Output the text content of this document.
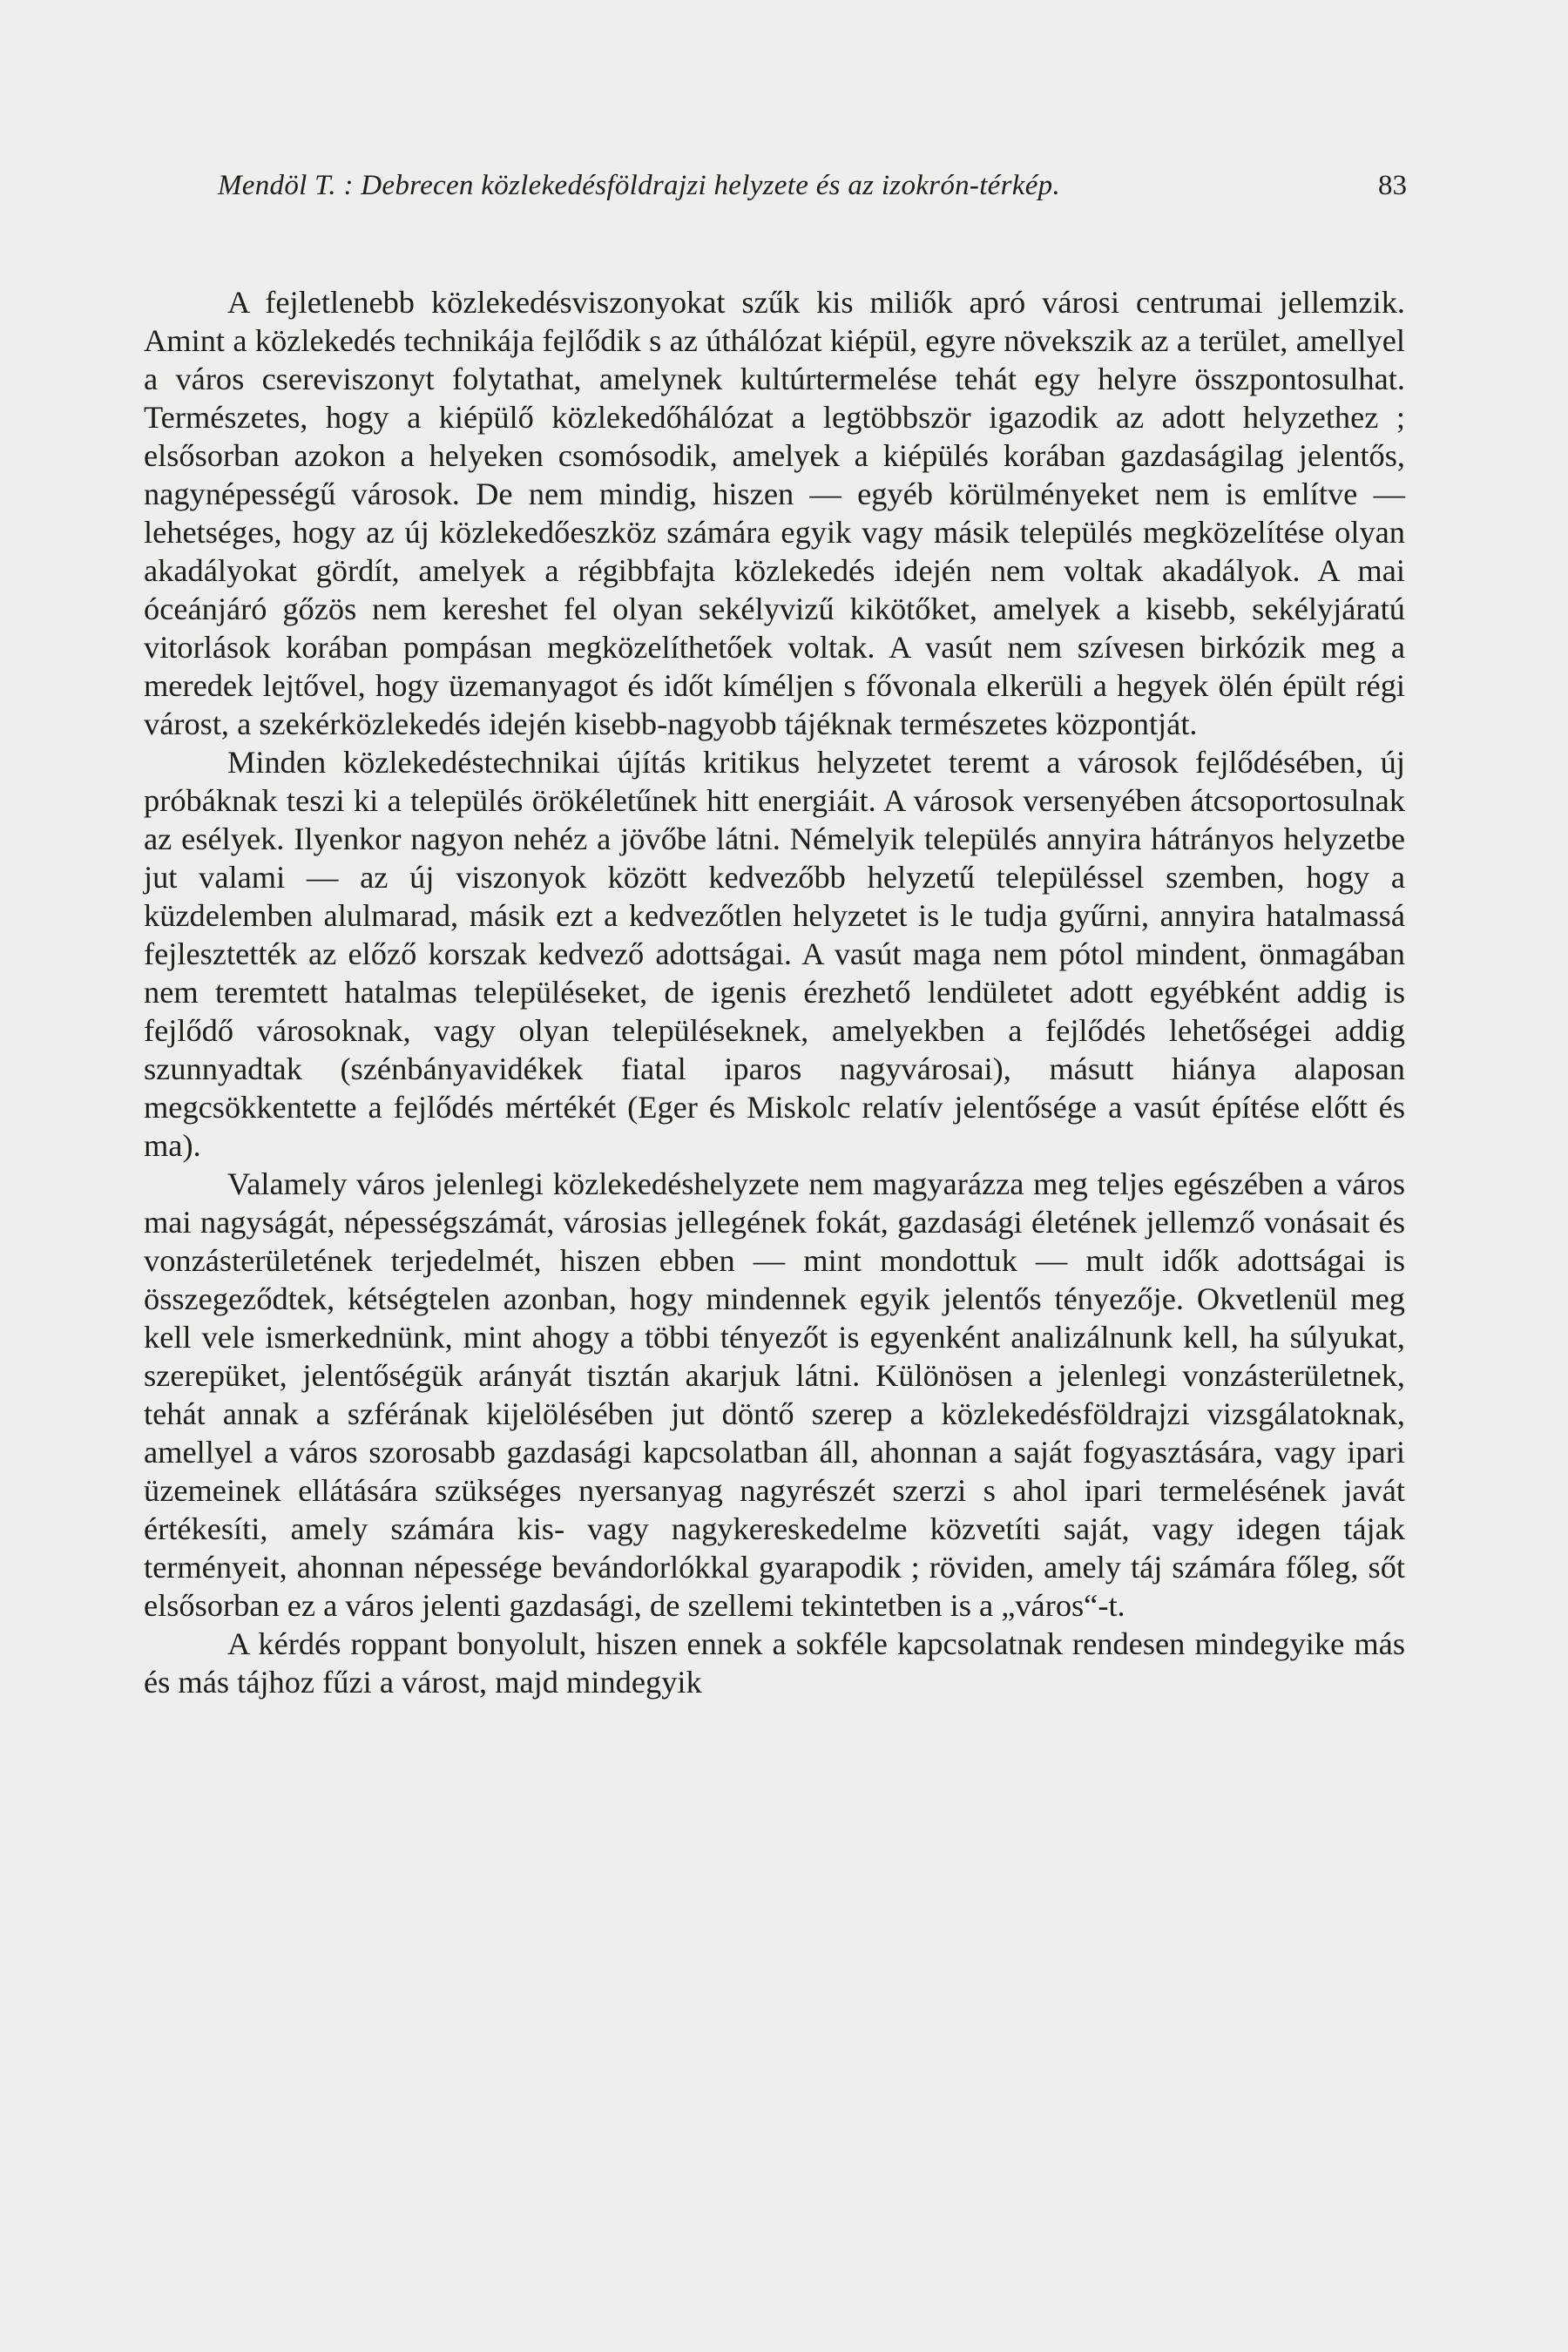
Mendöl T. : Debrecen közlekedésföldrajzi helyzete és az izokrón-térkép.	83

A fejletlenebb közlekedésviszonyokat szűk kis miliők apró városi centrumai jellemzik. Amint a közlekedés technikája fejlődik s az úthálózat kiépül, egyre növekszik az a terület, amellyel a város csereviszonyt folytathat, amelynek kultúrtermelése tehát egy helyre összpontosulhat. Természetes, hogy a kiépülő közlekedőhálózat a legtöbbször igazodik az adott helyzethez ; elsősorban azokon a helyeken csomósodik, amelyek a kiépülés korában gazdaságilag jelentős, nagynépességű városok. De nem mindig, hiszen — egyéb körülményeket nem is említve — lehetséges, hogy az új közlekedőeszköz számára egyik vagy másik település megközelítése olyan akadályokat gördít, amelyek a régibbfajta közlekedés idején nem voltak akadályok. A mai óceánjáró gőzös nem kereshet fel olyan sekélyvizű kikötőket, amelyek a kisebb, sekélyjáratú vitorlások korában pompásan megközelíthetőek voltak. A vasút nem szívesen birkózik meg a meredek lejtővel, hogy üzemanyagot és időt kíméljen s fővonala elkerüli a hegyek ölén épült régi várost, a szekérközlekedés idején kisebb-nagyobb tájéknak természetes központját.

Minden közlekedéstechnikai újítás kritikus helyzetet teremt a városok fejlődésében, új próbáknak teszi ki a település örökéletűnek hitt energiáit. A városok versenyében átcsoportosulnak az esélyek. Ilyenkor nagyon nehéz a jövőbe látni. Némelyik település annyira hátrányos helyzetbe jut valami — az új viszonyok között kedvezőbb helyzetű településsel szemben, hogy a küzdelemben alulmarad, másik ezt a kedvezőtlen helyzetet is le tudja gyűrni, annyira hatalmassá fejlesztették az előző korszak kedvező adottságai. A vasút maga nem pótol mindent, önmagában nem teremtett hatalmas településeket, de igenis érezhető lendületet adott egyébként addig is fejlődő városoknak, vagy olyan településeknek, amelyekben a fejlődés lehetőségei addig szunnyadtak (szénbányavidékek fiatal iparos nagyvárosai), másutt hiánya alaposan megcsökkentette a fejlődés mértékét (Eger és Miskolc relatív jelentősége a vasút építése előtt és ma).

Valamely város jelenlegi közlekedéshelyzete nem magyarázza meg teljes egészében a város mai nagyságát, népességszámát, városias jellegének fokát, gazdasági életének jellemző vonásait és vonzásterületének terjedelmét, hiszen ebben — mint mondottuk — mult idők adottságai is összegeződtek, kétségtelen azonban, hogy mindennek egyik jelentős tényezője. Okvetlenül meg kell vele ismerkednünk, mint ahogy a többi tényezőt is egyenként analizálnunk kell, ha súlyukat, szerepüket, jelentőségük arányát tisztán akarjuk látni. Különösen a jelenlegi vonzásterületnek, tehát annak a szférának kijelölésében jut döntő szerep a közlekedésföldrajzi vizsgálatoknak, amellyel a város szorosabb gazdasági kapcsolatban áll, ahonnan a saját fogyasztására, vagy ipari üzemeinek ellátására szükséges nyersanyag nagyrészét szerzi s ahol ipari termelésének javát értékesíti, amely számára kis- vagy nagykereskedelme közvetíti saját, vagy idegen tájak terményeit, ahonnan népessége bevándorlókkal gyarapodik ; röviden, amely táj számára főleg, sőt elsősorban ez a város jelenti gazdasági, de szellemi tekintetben is a „város“-t.

A kérdés roppant bonyolult, hiszen ennek a sokféle kapcsolatnak rendesen mindegyike más és más tájhoz fűzi a várost, majd mindegyik
